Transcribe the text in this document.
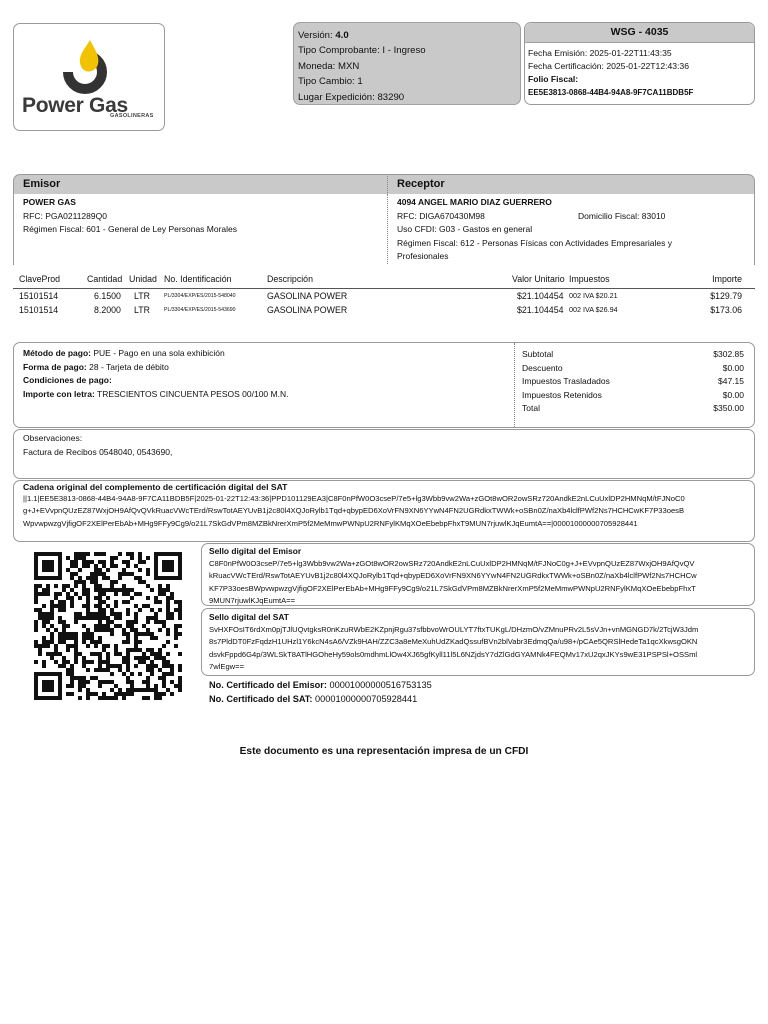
Power Gas
GASOLINERAS
Versión: 4.0
Tipo Comprobante: I - Ingreso
Moneda: MXN
Tipo Cambio: 1
Lugar Expedición: 83290
WSG - 4035
Fecha Emisión: 2025-01-22T11:43:35
Fecha Certificación: 2025-01-22T12:43:36
Folio Fiscal:
EE5E3813-0868-44B4-94A8-9F7CA11BDB5F
Emisor	Receptor
POWER GAS
RFC: PGA0211289Q0
Régimen Fiscal: 601 - General de Ley Personas Morales
4094 ANGEL MARIO DIAZ GUERRERO
RFC: DIGA670430M98
Uso CFDI: G03 - Gastos en general
Régimen Fiscal: 612 - Personas Físicas con Actividades Empresariales y
Profesionales
Domicilio Fiscal: 83010
ClaveProd	Cantidad Unidad No. Identificación	Descripción	Valor Unitario Impuestos	Importe
15101514	6.1500 LTR	PL/3304/EXP/ES/2015-548040	GASOLINA POWER	$21.104454 002 IVA $20.21	$129.79
15101514	8.2000 LTR	PL/3304/EXP/ES/2015-543690	GASOLINA POWER	$21.104454 002 IVA $26.94	$173.06
Método de pago: PUE - Pago en una sola exhibición
Forma de pago: 28 - Tarjeta de débito
Condiciones de pago:
Importe con letra: TRESCIENTOS CINCUENTA PESOS 00/100 M.N.
Subtotal	$302.85
Descuento	$0.00
Impuestos Trasladados	$47.15
Impuestos Retenidos	$0.00
Total	$350.00
Observaciones:
Factura de Recibos 0548040, 0543690,
Cadena original del complemento de certificación digital del SAT
||1.1|EE5E3813-0868-44B4-94A8-9F7CA11BDB5F|2025-01-22T12:43:36|PPD101129EA3|C8F0nPfW0O3cseP/7e5+lg3Wbb9vw2Wa+zGOt8wOR2owSRz720AndkE2nLCuUxlDP2HMNqM/tFJNoC0g+J+EVvpnQUzEZ87WxjOH9AfQvQVkRuacVWcTErd/RswTotAEYUvB1j2c80l4XQJoRylb1Tqd+qbypED6XoVrFN9XN6YYwN4FN2UGRdkxTWWk+oSBn0Z/naXb4lclfPWf2Ns7HCHCwKF7P33oesBWpvwpwzgVjfigOF2XElPerEbAb+MHg9FFy9Cg9/o21L7SkGdVPm8MZBkNrerXmP5f2MeMmwPWNpU2RNFylKMqXOeEbebpFhxT9MUN7rjuwlKJqEumtA==|00001000000705928441
Sello digital del Emisor
C8F0nPfW0O3cseP/7e5+lg3Wbb9vw2Wa+zGOt8wOR2owSRz720AndkE2nLCuUxlDP2HMNqM/tFJNoC0g+J+EVvpnQUzEZ87WxjOH9AfQvQVkRuacVWcTErd/RswTotAEYUvB1j2c80l4XQJoRylb1Tqd+qbypED6XoVrFN9XN6YYwN4FN2UGRdkxTWWk+oSBn0Z/naXb4lclfPWf2Ns7HCHCwKF7P33oesBWpvwpwzgVjfigOF2XElPerEbAb+MHg9FFy9Cg9/o21L7SkGdVPm8MZBkNrerXmP5f2MeMmwPWNpU2RNFylKMqXOeEbebpFhxT9MUN7rjuwlKJqEumtA==
Sello digital del SAT
SvHXFOsIT6rdXm0pjTJlUQvtgksR0nKzuRWbE2KZpnjRgu37sfbbvoWrOULYT7ftxTUKgL/DHzmO/vZMnuPRv2L5sVJn+vnMGNGD7k/2TcjW3Jdm8s7PldDT0FzFqdzH1UHzl1Y6kcN4sA6/VZk9HAH/ZZC3a8eMeXuhUdZKadQssufBVn2blVabr3EdmqQa/u98+/pCAe5QRSlHedeTa1qcXkwsgOKNdsvkFppd6G4p/3WLSkT8ATlHGOheHy59ols0mdhmLlOw4XJ65gfKyll11l5L6NZjdsY7dZlGdGYAMNk4FEQMv17xU2qxJKYs9wE31PSPSl+OSSml7wlEgw==
No. Certificado del Emisor: 00001000000516753135
No. Certificado del SAT: 00001000000705928441
Este documento es una representación impresa de un CFDI
